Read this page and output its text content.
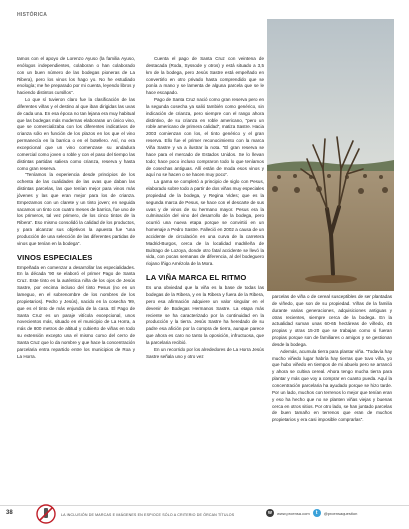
HISTÓRICA

tamos con el apoyo de Lorenzo Ayuso (la familia Ayuso, enólogos independientes, colaboran o han colaborado con un buen número de las bodegas pioneras de La Ribera), pero los vinos los hago yo. No he estudiado enología; me he preparado por mi cuenta, leyendo libros y haciendo distintos cursillos”.

Lo que sí tuvieron claro fue la clasificación de las diferentes viñas y el destino al que iban dirigidas las uvas de cada una. En esa época no tan lejana era muy habitual que las bodegas más modernas elaboraran un único vino, que se comercializaba con los diferentes indicativos de crianza sólo en función de los plazos en los que el vino permanecía en la barrica o en el botellero. Así, no era excepcional que un vino comenzase su andadura comercial como joven o roble y con el paso del tiempo las distintas partidas saliera como crianza, reserva y hasta como gran reserva.

“Teníamos la experiencia desde principios de los ochenta de las cualidades de las uvas que daban las distintas parcelas, las que tenían mejor para vinos más jóvenes y las que eran mejor para los de crianza. Empezamos con un clarete y un tinto joven; en seguida sacamos un tinto con cuatro meses de barrica, fue uno de los primeros, tal vez primero, de los cinco tintos de la Ribera”. Eso mismo consolidó la calidad de los productos, y para alcanzar sus objetivos la apuesta fue “una producción de una selección de las diferentes partidas de vinos que tenían en la bodega”.

VINOS ESPECIALES

Empeñada en comenzar a desarrollar las especialidades. En la década '90 se elaboró el primer Pago de Santa Cruz. Este tinto es la auténtica niña de los ojos de Jesús Sastre, por encima incluso del tinto Pesus (no en un lameguo, en el sobrenombre de los nombres de los propietarios). Pedro y Jesús), nacido en la cosecha '99, que es el tinto de más enjundia de la casa. El Pago de Santa Cruz es un paraje vitícola excepcional, unos novecientos más, situado en el municipio de La Horra, a más de 800 metros de altitud y cubierto de viñas en todo su extensión excepto una el mismo como del cerro de Santa Cruz que lo da nombre y que hace la concentración parcelaria entra repartido entre los municipios de Roa y La Horra.

Cuenta el pago de Santa Cruz con veintena de destacada (Roda, Syssode y otros) y está situado a 3,5 km de la bodega, pero Jesús Sastre está empeñado en convertirlo en otro privado hasta comprendido que se ponía a mano y se lamenta de alguna parcela que se le hace escapado.

Pago de Santa Cruz nació como gran reserva pero en la segunda cosecha ya salió también como genérico, sin indicación de crianza, pero siempre con el rango ahora distintivo, de su crianza en roble americano, “pero un roble americano de primera calidad”, matiza Sastre. Hacia 2003 comienzan con los, el tinto genérico y el gran reserva. Ello fue el primer reconocimiento con la marca Viña Sastre y va a ilustrar la nota. “El gran reserva se hace para el mercado de Estados Unidos. Se lo llevan todo; hace poco incluso compraron todo lo que teníamos de cosechas antiguas. Allí están de moda esos vinos y aquí no se hacen o se hacen muy poco”.

La gama se completó a principio de siglo con Pesus, elaborado sobre todo a partir de dos viñas muy especiales propiedad de la bodega, y Regina Vides; que es la segunda marca de Pesus, se hace con el descarte de sus uvas y de vinos de su hermano mayor. Pesus era la culminación del vino del desarrollo de la bodega, pero ocurrió una nueva etapa porque se convirtió en un homenaje a Pedro Sastre. Falleció en 2002 a causa de un accidente de circulación en una curva de la carretera Madrid-Burgos, cerca de la localidad madrileña de Buitrago de Lozoya, donde otro fatal accidente se llevó la vida, con pocas semanas de diferencia, al del bodeguero riojano Íñigo Amézola de la Mora.

LA VIÑA MARCA EL RITMO

Es una obviedad que la viña es la base de todas las bodegas de la Ribera, y en la Ribera y fuera de la Ribera, pero esa afirmación adquiere un valor singular en el devenir de Bodegas Hermanos Sastre. La etapa más reciente se ha caracterizado por la continuidad en la producción y la tierra. Jesús Sastre ha heredado de su padre esa afición por la compra de tierra, aunque parece que ahora es caro no tanto la oposición, infructuosa, que la parcelaria recibió.

En un recorrido por los alrededores de La Horra Jesús Sastre señala uno y otro vez

parcelas de viña o de cereal susceptibles de ser plantadas de viñedo, que son de su propiedad. Viñas de la familia durante varias generaciones, adquisiciones antiguas y otras recientes, siempre cerca de la bodega. En la actualidad suman unas 60-65 hectáreas de viñedo, 45 propias y otras 15-20 que se trabajan como si fueran propias porque son de familiares o amigos y se gestionan desde la bodega.

Además, acumula tierra para plantar viña. “Todavía hay mucho viñedo lugar habría hay tierras que tuvo viña, yo que hubo viñedo en tiempos de mi abuelo pero se arrancó y ahora se cultiva cereal. Ahora tengo mucha tierra para plantar y más que voy a comprar en cuanto pueda. Aquí la concentración parcelaria ha ayudado porque se hizo tarde. Por un lado, muchos con terrenos lo mejor que tenían eran y eso ha hecho que no se planten viñas viejas y buenas cerca en otros sitios. Por otro lado, se han juntado parcelas de buen tamaño en terrenos que eran de muchos propietarios y era casi imposible comprarlas”.

38	LA INCLUSIÓN DE MARCAS E IMÁGENES EN ESPIOCE SÓLO A CRITERIO DE ÓRCAN TÍTULOS	w	www.proensa.com	t	@proensaquestion
